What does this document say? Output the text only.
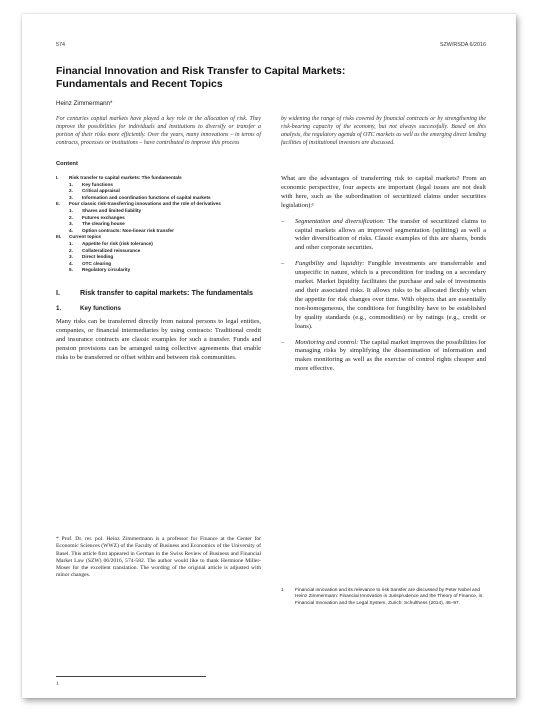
574	SZW/RSDA 6/2016
Financial Innovation and Risk Transfer to Capital Markets: Fundamentals and Recent Topics
Heinz Zimmermann*
For centuries capital markets have played a key role in the allocation of risk. They improve the possibilities for individuals and institutions to diversify or transfer a portion of their risks more efficiently. Over the years, many innovations – in terms of contracts, processes or institutions – have contributed to improve this process
by widening the range of risks covered by financial contracts or by strengthening the risk-bearing capacity of the economy, but not always successfully. Based on this analysis, the regulatory agenda of OTC markets as well as the emerging direct lending facilities of institutional investors are discussed.
Content
I.	Risk transfer to capital markets: The fundamentals
1.	Key functions
2.	Critical appraisal
3.	Information and coordination functions of capital markets
II.	Four classic risk-transferring innovations and the role of derivatives
1.	Shares and limited liability
2.	Futures exchanges
3.	The clearing house
4.	Option contracts: Non-linear risk transfer
III.	Current topics
1.	Appetite for risk (risk tolerance)
2.	Collateralized reinsurance
3.	Direct lending
4.	OTC clearing
5.	Regulatory circularity
I.	Risk transfer to capital markets: The fundamentals
1.	Key functions
Many risks can be transferred directly from natural persons to legal entities, companies, or financial intermediaries by using contracts: Traditional credit and insurance contracts are classic examples for such a transfer. Funds and pension provisions can be arranged using collective agreements that enable risks to be transferred or offset within and between risk communities.
What are the advantages of transferring risk to capital markets? From an economic perspective, four aspects are important (legal issues are not dealt with here, such as the subordination of securitized claims under securities legislation):¹
–	Segmentation and diversification: The transfer of securitized claims to capital markets allows an improved segmentation (splitting) as well a wider diversification of risks. Classic examples of this are shares, bonds and other corporate securities.
–	Fungibility and liquidity: Fungible investments are transferrable and unspecific in nature, which is a precondition for trading on a secondary market. Market liquidity facilitates the purchase and sale of investments and their associated risks. It allows risks to be allocated flexibly when the appetite for risk changes over time. With objects that are essentially non-homogeneous, the conditions for fungibility have to be established by quality standards (e.g., commodities) or by ratings (e.g., credit or loans).
–	Monitoring and control: The capital market improves the possibilities for managing risks by simplifying the dissemination of information and makes monitoring as well as the exercise of control rights cheaper and more effective.
* Prof. Dr. rer. pol. Heinz Zimmermann is a professor for Finance at the Center for Economic Sciences (WWZ) of the Faculty of Business and Economics of the University of Basel. This article first appeared in German in the Swiss Review of Business and Financial Market Law (SZW) 06/2016, 574-582. The author would like to thank Hermione Miller-Moser for the excellent translation. The wording of the original article is adjusted with minor changes.
1	Financial innovation and its relevance to risk transfer are discussed by Peter Nobel and Heinz Zimmermann: Financial Innovation in Jurisprudence and the Theory of Finance, in: Financial Innovation and the Legal System, Zurich: Schulthess (2014), 45–97.
1
